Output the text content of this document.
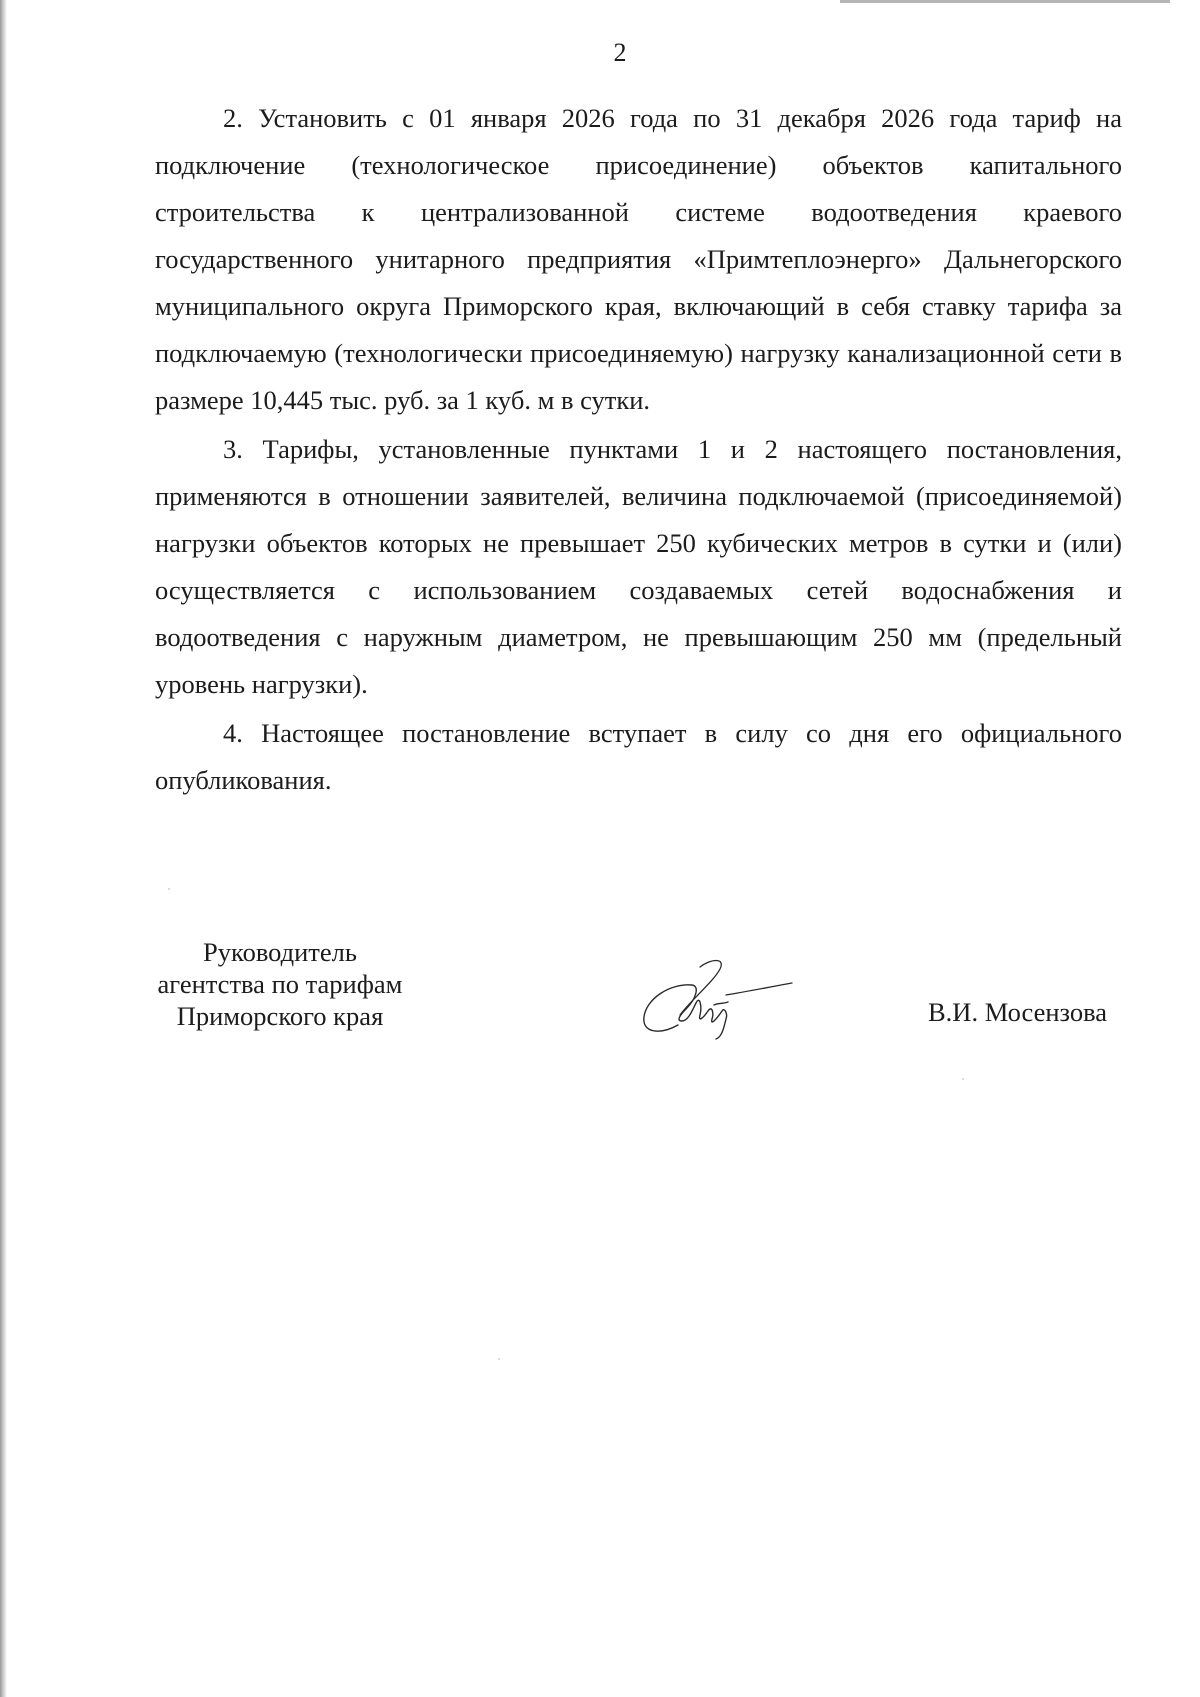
2

2. Установить с 01 января 2026 года по 31 декабря 2026 года тариф на подключение (технологическое присоединение) объектов капитального строительства к централизованной системе водоотведения краевого государственного унитарного предприятия «Примтеплоэнерго» Дальнегорского муниципального округа Приморского края, включающий в себя ставку тарифа за подключаемую (технологически присоединяемую) нагрузку канализационной сети в размере 10,445 тыс. руб. за 1 куб. м в сутки.

3. Тарифы, установленные пунктами 1 и 2 настоящего постановления, применяются в отношении заявителей, величина подключаемой (присоединяемой) нагрузки объектов которых не превышает 250 кубических метров в сутки и (или) осуществляется с использованием создаваемых сетей водоснабжения и водоотведения с наружным диаметром, не превышающим 250 мм (предельный уровень нагрузки).

4. Настоящее постановление вступает в силу со дня его официального опубликования.

Руководитель
агентства по тарифам
Приморского края	В.И. Мосензова
